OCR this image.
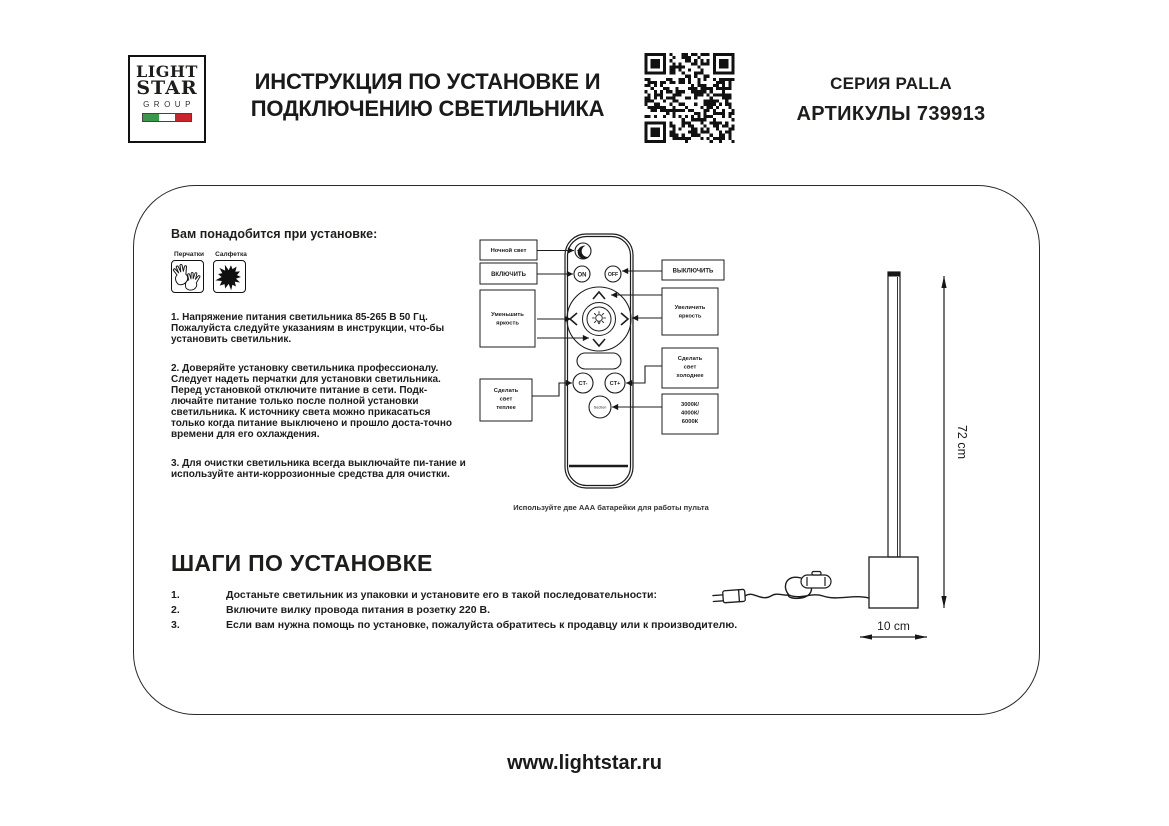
LIGHT
STAR
GROUP
ИНСТРУКЦИЯ ПО УСТАНОВКЕ И
ПОДКЛЮЧЕНИЮ СВЕТИЛЬНИКА
СЕРИЯ PALLA
АРТИКУЛЫ 739913
Вам понадобится при установке:
Перчатки	Салфетка

1. Напряжение питания светильника 85-265 В 50 Гц. Пожалуйста следуйте указаниям в инструкции, что-бы установить светильник.

2. Доверяйте установку светильника профессионалу. Следует надеть перчатки для установки светильника. Перед установкой отключите питание в сети. Подк-лючайте питание только после полной установки светильника. К источнику света можно прикасаться только когда питание выключено и прошло доста-точно времени для его охлаждения.

3. Для очистки светильника всегда выключайте пи-тание и используйте анти-коррозионные средства для очистки.

ON	OFF
CT-	CT+
Section
Ночной свет
ВКЛЮЧИТЬ
Уменьшить
яркость
Сделать
свет
теплее
ВЫКЛЮЧИТЬ
Увеличить
яркость
Сделать
свет
холоднее
3000К/
4000К/
6000К
Используйте две ААА батарейки для работы пульта
72 cm
10 cm
ШАГИ ПО УСТАНОВКЕ
1.	Достаньте светильник из упаковки и установите его в такой последовательности:
2.	Включите вилку провода питания в розетку 220 В.
3.	Если вам нужна помощь по установке, пожалуйста обратитесь к продавцу или к производителю.
www.lightstar.ru
